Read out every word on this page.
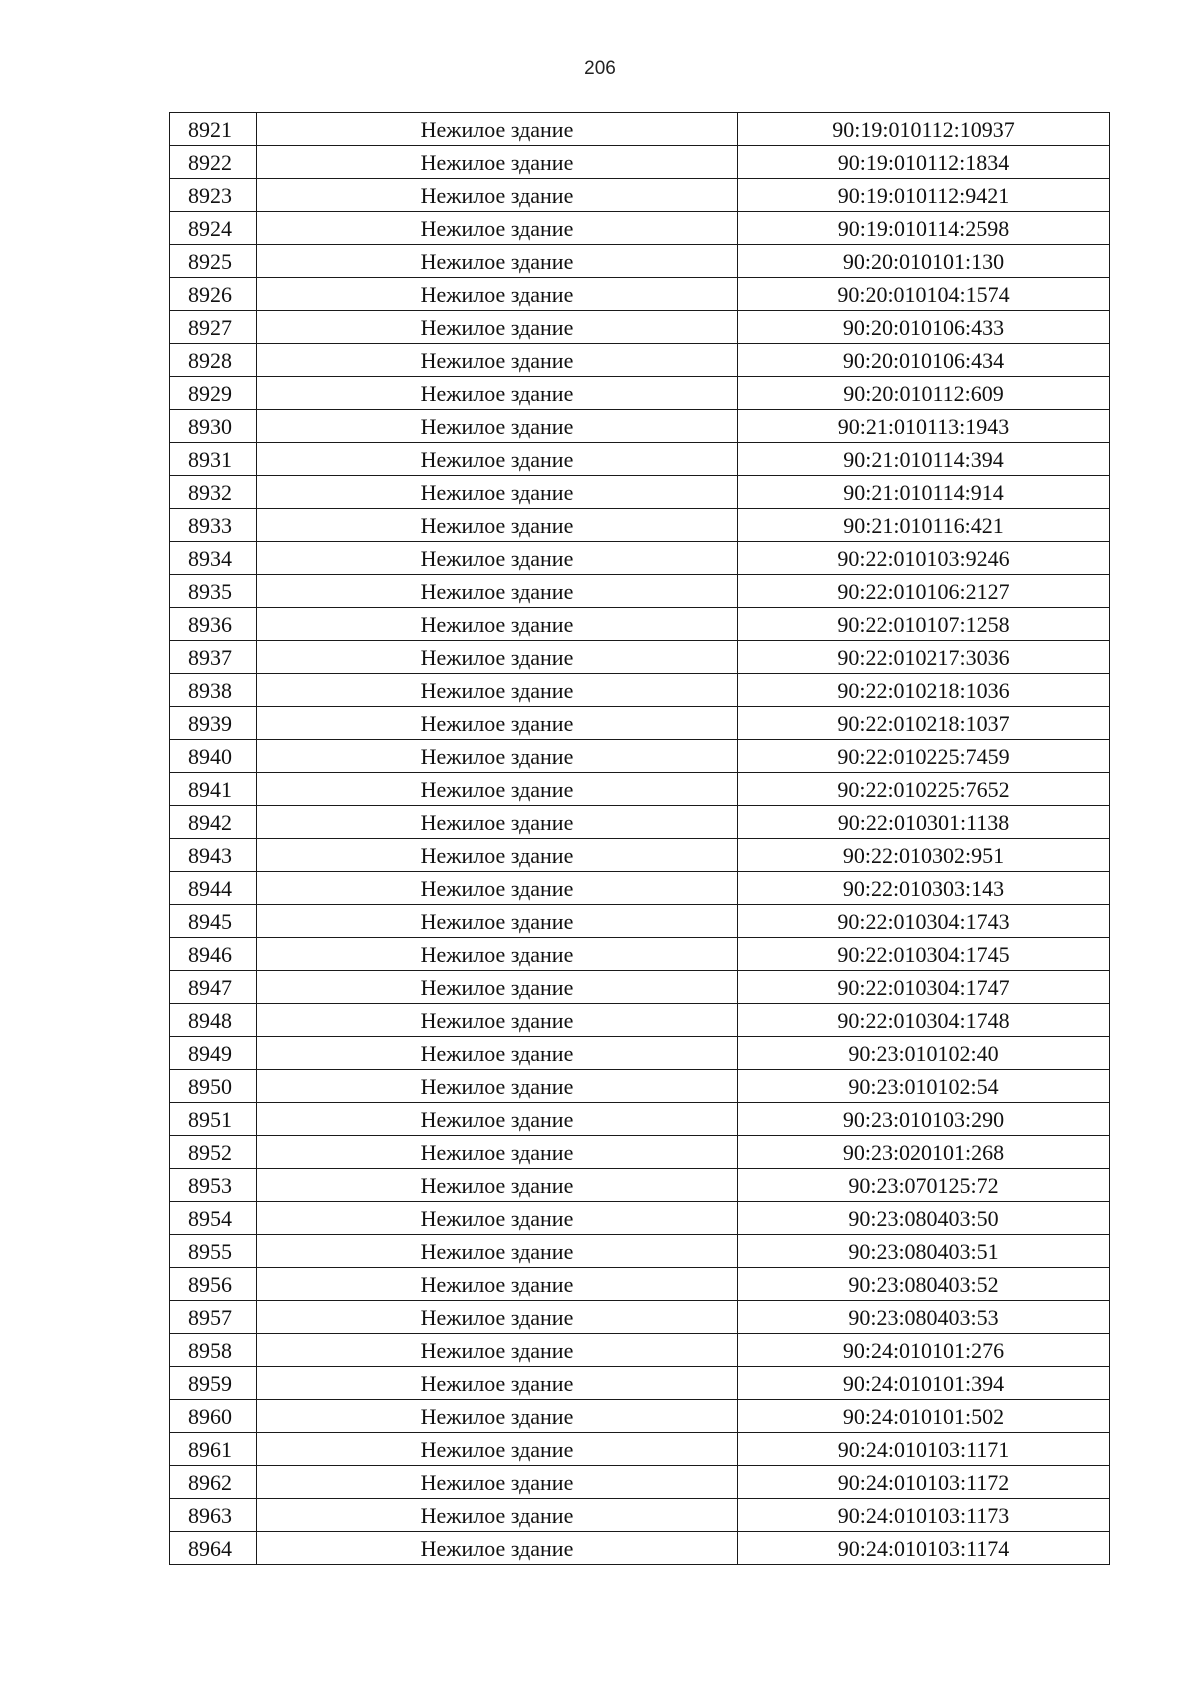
206
8921	Нежилое здание	90:19:010112:10937
8922	Нежилое здание	90:19:010112:1834
8923	Нежилое здание	90:19:010112:9421
8924	Нежилое здание	90:19:010114:2598
8925	Нежилое здание	90:20:010101:130
8926	Нежилое здание	90:20:010104:1574
8927	Нежилое здание	90:20:010106:433
8928	Нежилое здание	90:20:010106:434
8929	Нежилое здание	90:20:010112:609
8930	Нежилое здание	90:21:010113:1943
8931	Нежилое здание	90:21:010114:394
8932	Нежилое здание	90:21:010114:914
8933	Нежилое здание	90:21:010116:421
8934	Нежилое здание	90:22:010103:9246
8935	Нежилое здание	90:22:010106:2127
8936	Нежилое здание	90:22:010107:1258
8937	Нежилое здание	90:22:010217:3036
8938	Нежилое здание	90:22:010218:1036
8939	Нежилое здание	90:22:010218:1037
8940	Нежилое здание	90:22:010225:7459
8941	Нежилое здание	90:22:010225:7652
8942	Нежилое здание	90:22:010301:1138
8943	Нежилое здание	90:22:010302:951
8944	Нежилое здание	90:22:010303:143
8945	Нежилое здание	90:22:010304:1743
8946	Нежилое здание	90:22:010304:1745
8947	Нежилое здание	90:22:010304:1747
8948	Нежилое здание	90:22:010304:1748
8949	Нежилое здание	90:23:010102:40
8950	Нежилое здание	90:23:010102:54
8951	Нежилое здание	90:23:010103:290
8952	Нежилое здание	90:23:020101:268
8953	Нежилое здание	90:23:070125:72
8954	Нежилое здание	90:23:080403:50
8955	Нежилое здание	90:23:080403:51
8956	Нежилое здание	90:23:080403:52
8957	Нежилое здание	90:23:080403:53
8958	Нежилое здание	90:24:010101:276
8959	Нежилое здание	90:24:010101:394
8960	Нежилое здание	90:24:010101:502
8961	Нежилое здание	90:24:010103:1171
8962	Нежилое здание	90:24:010103:1172
8963	Нежилое здание	90:24:010103:1173
8964	Нежилое здание	90:24:010103:1174
